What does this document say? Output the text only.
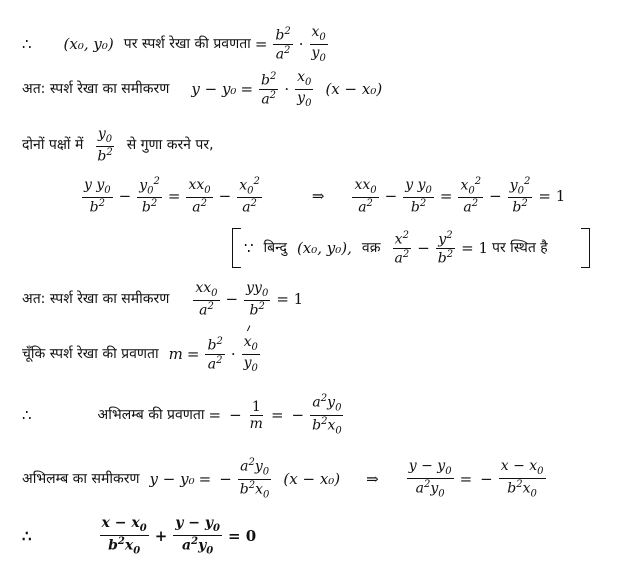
∴ (x₀, y₀) पर स्पर्श रेखा की प्रवणता = $\frac{b^2}{a^2} \cdot \frac{x_0}{y_0}$
अत: स्पर्श रेखा का समीकरण $y - y_0 = \frac{b^2}{a^2} \cdot \frac{x_0}{y_0} (x - x_0)$
दोनों पक्षों में $\frac{y_0}{b^2}$ से गुणा करने पर,
$\frac{y y_0}{b^2} - \frac{y_0^2}{b^2} = \frac{xx_0}{a^2} - \frac{x_0^2}{a^2}$	⇒ $\frac{xx_0}{a^2} - \frac{y y_0}{b^2} = \frac{x_0^2}{a^2} - \frac{y_0^2}{b^2} = 1$
∵ बिन्दु (x₀, y₀), वक्र $\frac{x^2}{a^2} - \frac{y^2}{b^2} = 1$ पर स्थित है
अत: स्पर्श रेखा का समीकरण $\frac{xx_0}{a^2} - \frac{yy_0}{b^2} = 1$
चूँकि स्पर्श रेखा की प्रवणता $m = \frac{b^2}{a^2} \cdot \frac{x_0}{y_0}$
∴	अभिलम्ब की प्रवणता = − $\frac{1}{m}$ = − $\frac{a^2y_0}{b^2x_0}$
अभिलम्ब का समीकरण y − y₀ = − $\frac{a^2y_0}{b^2x_0} (x - x_0)$ ⇒ $\frac{y - y_0}{a^2y_0}$ = − $\frac{x - x_0}{b^2x_0}$
∴	$\frac{x - x_0}{b^2x_0} + \frac{y - y_0}{a^2y_0} = 0$
